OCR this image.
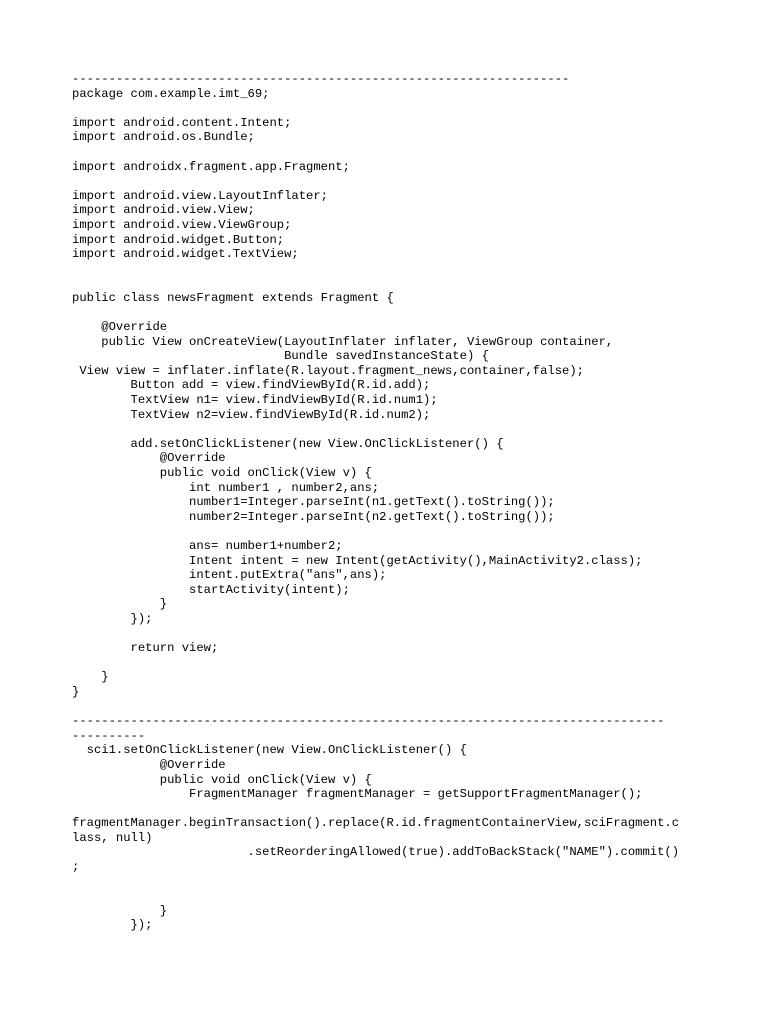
--------------------------------------------------------------------
package com.example.imt_69;
import android.content.Intent;
import android.os.Bundle;
import androidx.fragment.app.Fragment;
import android.view.LayoutInflater;
import android.view.View;
import android.view.ViewGroup;
import android.widget.Button;
import android.widget.TextView;
public class newsFragment extends Fragment {
@Override
public View onCreateView(LayoutInflater inflater, ViewGroup container,
Bundle savedInstanceState) {
View view = inflater.inflate(R.layout.fragment_news,container,false);
Button add = view.findViewById(R.id.add);
TextView n1= view.findViewById(R.id.num1);
TextView n2=view.findViewById(R.id.num2);
add.setOnClickListener(new View.OnClickListener() {
@Override
public void onClick(View v) {
int number1 , number2,ans;
number1=Integer.parseInt(n1.getText().toString());
number2=Integer.parseInt(n2.getText().toString());
ans= number1+number2;
Intent intent = new Intent(getActivity(),MainActivity2.class);
intent.putExtra("ans",ans);
startActivity(intent);
}
});
return view;
}
}
---------------------------------------------------------------------------------
----------
sci1.setOnClickListener(new View.OnClickListener() {
@Override
public void onClick(View v) {
FragmentManager fragmentManager = getSupportFragmentManager();
fragmentManager.beginTransaction().replace(R.id.fragmentContainerView,sciFragment.c
lass, null)
.setReorderingAllowed(true).addToBackStack("NAME").commit()
;
}
});
